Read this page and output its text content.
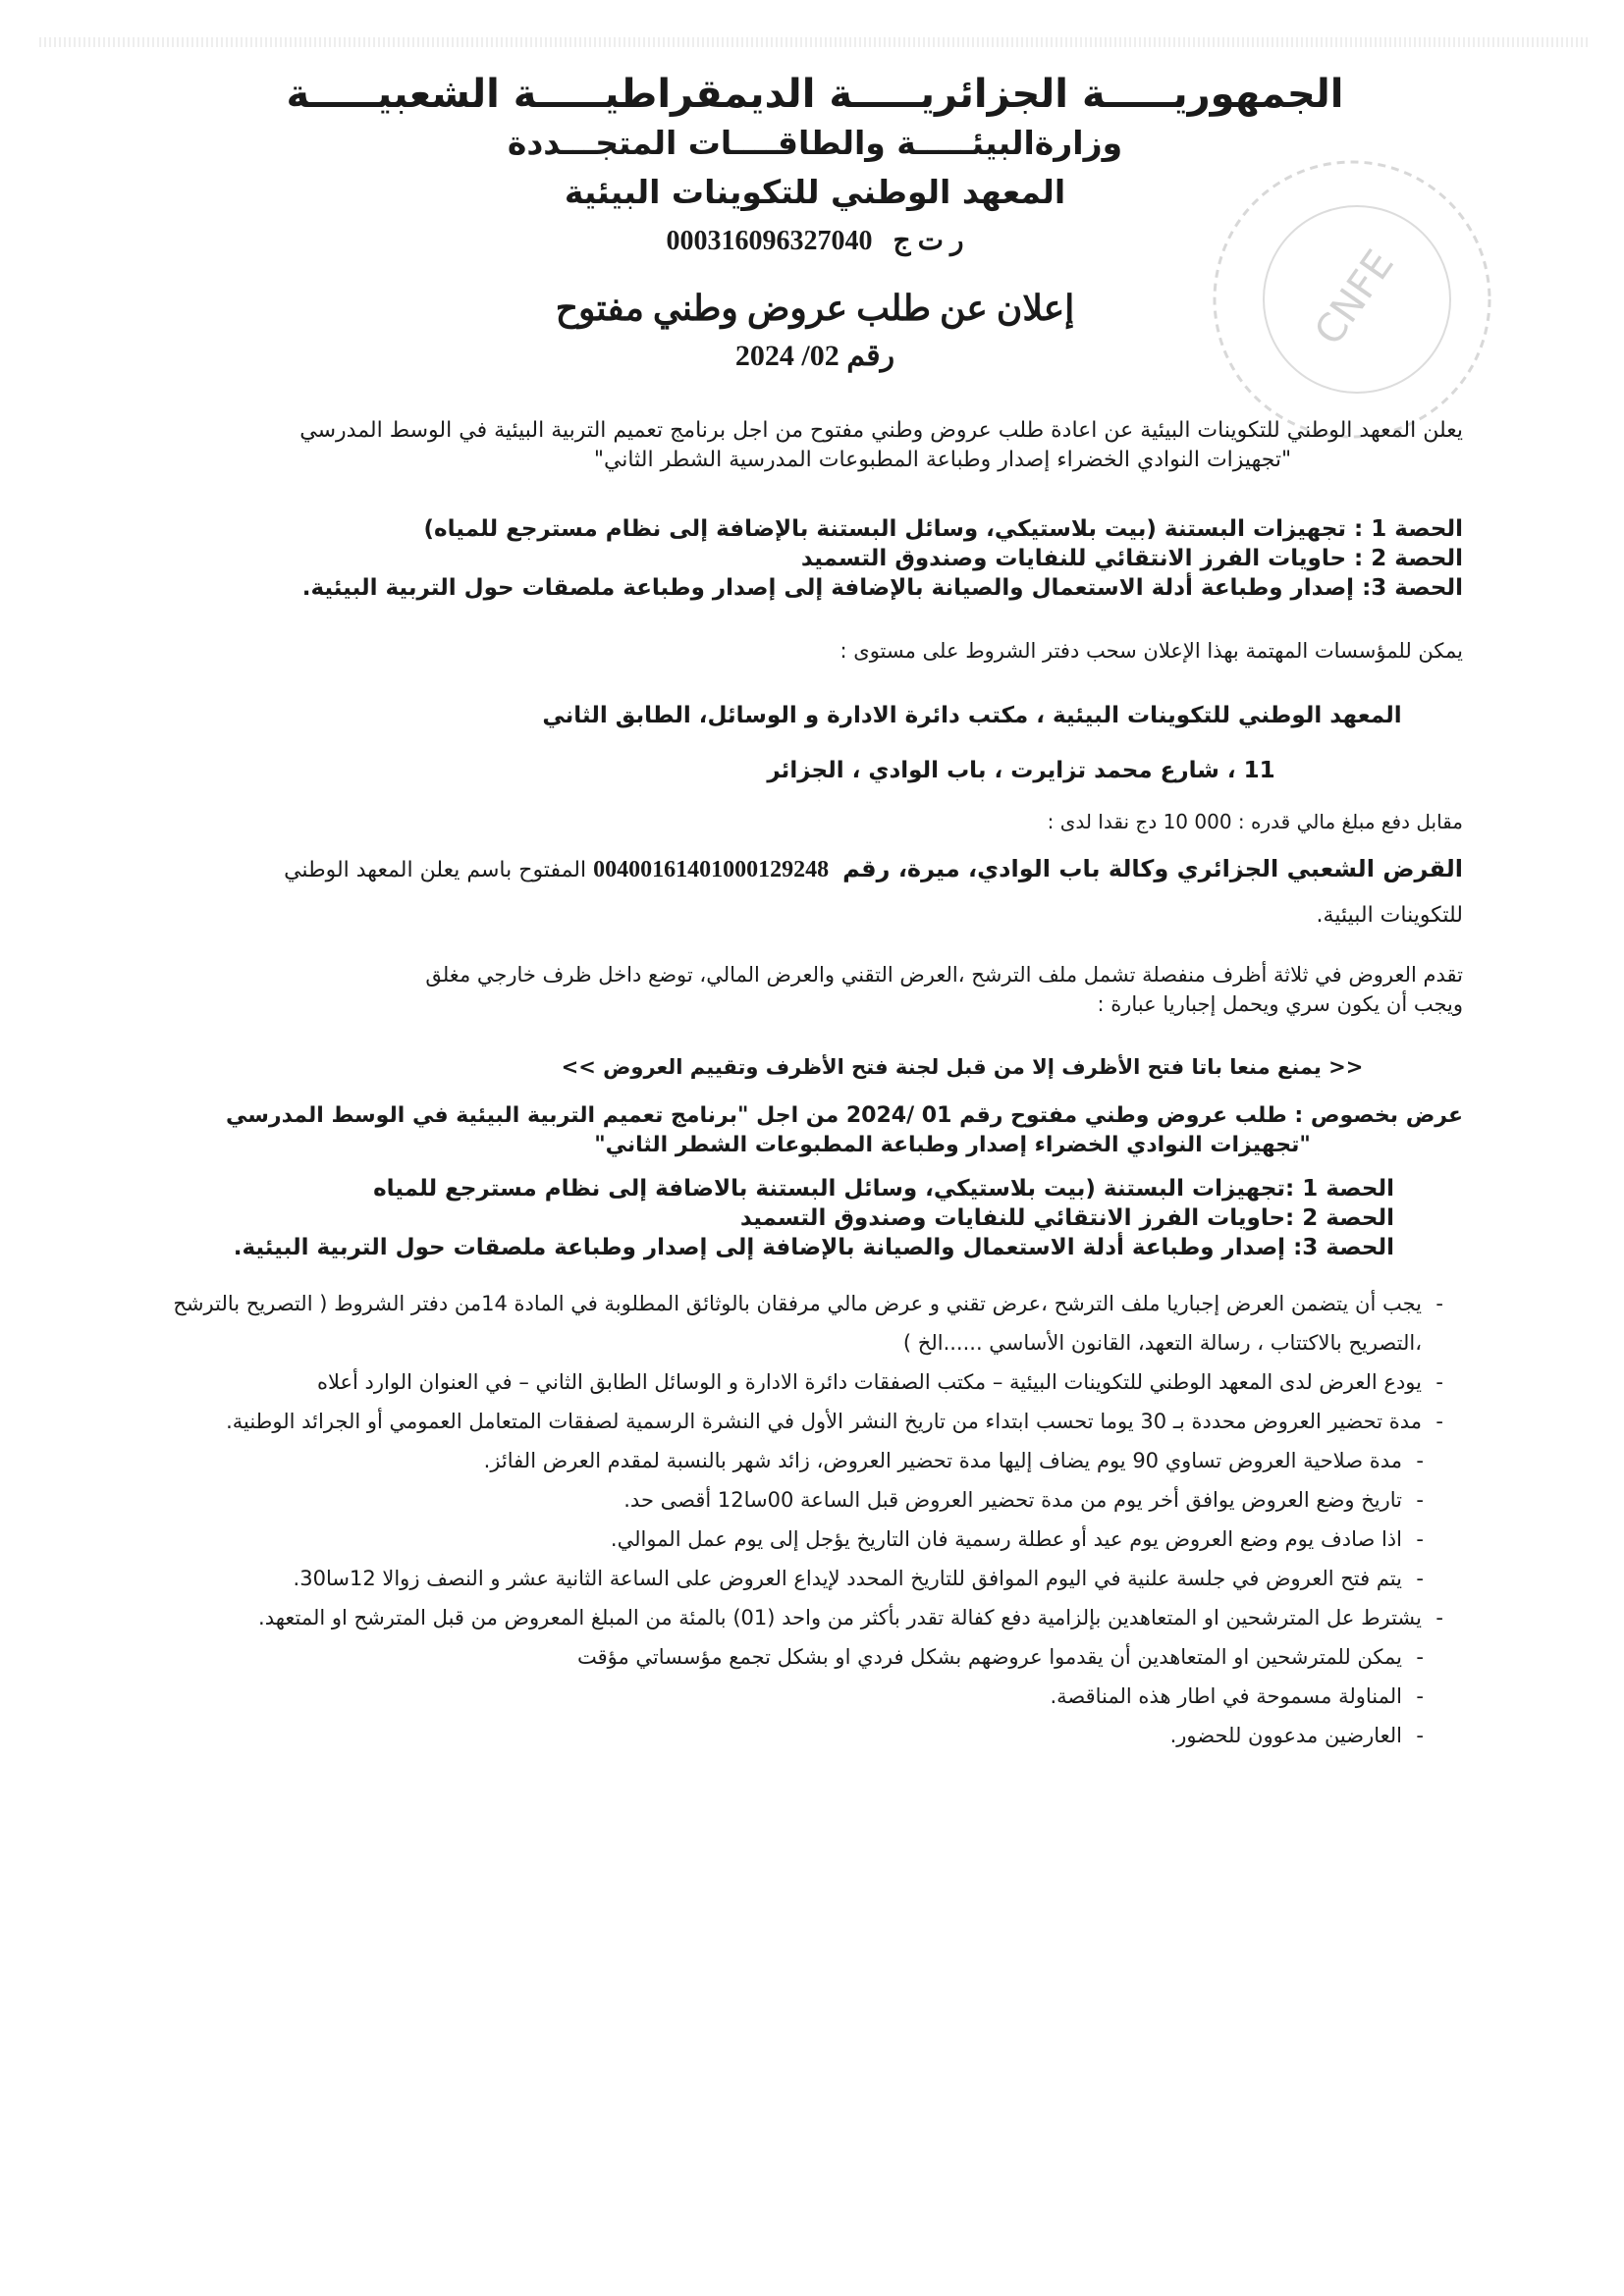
CNFE

الجمهوريـــــة الجزائريـــــة الديمقراطيـــــة الشعبيـــــة

وزارةالبيئـــــة والطاقــــات المتجـــددة

المعهد الوطني للتكوينات البيئية

ر ت ج   000316096327040

إعلان عن طلب عروض وطني مفتوح

رقم 02/ 2024

يعلن المعهد الوطني للتكوينات البيئية عن اعادة طلب عروض وطني مفتوح من اجل برنامج تعميم التربية البيئية في الوسط المدرسي

"تجهيزات النوادي الخضراء إصدار وطباعة المطبوعات المدرسية الشطر الثاني"

الحصة 1 : تجهيزات البستنة (بيت بلاستيكي، وسائل البستنة بالإضافة إلى نظام مسترجع للمياه)

الحصة 2 : حاويات الفرز الانتقائي للنفايات وصندوق التسميد

الحصة 3: إصدار وطباعة أدلة الاستعمال والصيانة بالإضافة إلى إصدار وطباعة ملصقات حول التربية البيئية.

يمكن للمؤسسات المهتمة بهذا الإعلان سحب دفتر الشروط على مستوى :

المعهد الوطني للتكوينات البيئية ، مكتب دائرة الادارة و الوسائل، الطابق الثاني

11 ، شارع محمد تزايرت ، باب الوادي ، الجزائر

مقابل دفع مبلغ مالي قدره : 000 10 دج نقدا لدى :

القرض الشعبي الجزائري وكالة باب الوادي، ميرة، رقم  00400161401000129248 المفتوح باسم يعلن المعهد الوطني

للتكوينات البيئية.

تقدم العروض في ثلاثة أظرف منفصلة تشمل ملف الترشح ،العرض التقني والعرض المالي، توضع داخل ظرف خارجي مغلق

ويجب أن يكون سري ويحمل إجباريا عبارة :

<< يمنع منعا باتا فتح الأظرف إلا من قبل لجنة فتح الأظرف وتقييم العروض >>

عرض بخصوص : طلب عروض وطني مفتوح رقم 01 /2024 من اجل "برنامج تعميم التربية البيئية في الوسط المدرسي

"تجهيزات النوادي الخضراء إصدار وطباعة المطبوعات الشطر الثاني"

الحصة 1 :تجهيزات البستنة (بيت بلاستيكي، وسائل البستنة بالاضافة إلى نظام مسترجع للمياه

الحصة 2 :حاويات الفرز الانتقائي للنفايات وصندوق التسميد

الحصة 3: إصدار وطباعة أدلة الاستعمال والصيانة بالإضافة إلى إصدار وطباعة ملصقات حول التربية البيئية.

-
يجب أن يتضمن العرض إجباريا ملف الترشح ،عرض تقني و عرض مالي مرفقان بالوثائق المطلوبة في المادة 14من دفتر الشروط ( التصريح بالترشح ،التصريح بالاكتتاب ، رسالة التعهد، القانون الأساسي ......الخ )
-
يودع العرض لدى المعهد الوطني للتكوينات البيئية – مكتب الصفقات دائرة الادارة و الوسائل الطابق الثاني – في العنوان الوارد أعلاه
-
مدة تحضير العروض محددة بـ 30 يوما تحسب ابتداء من تاريخ النشر الأول في النشرة الرسمية لصفقات المتعامل العمومي أو الجرائد الوطنية.
-
مدة صلاحية العروض تساوي 90 يوم يضاف إليها مدة تحضير العروض، زائد شهر بالنسبة لمقدم العرض الفائز.
-
تاريخ وضع العروض يوافق أخر يوم من مدة تحضير العروض قبل الساعة 00سا12 أقصى حد.
-
اذا صادف يوم وضع العروض يوم عيد أو عطلة رسمية فان التاريخ يؤجل إلى يوم عمل الموالي.
-
يتم فتح العروض في جلسة علنية في اليوم الموافق للتاريخ المحدد لإيداع العروض على الساعة الثانية عشر و النصف زوالا 12سا30.
-
يشترط عل المترشحين او المتعاهدين بإلزامية دفع كفالة تقدر بأكثر من واحد (01) بالمئة من المبلغ المعروض من قبل المترشح او المتعهد.
-
يمكن للمترشحين او المتعاهدين أن يقدموا عروضهم بشكل فردي او بشكل تجمع مؤسساتي مؤقت
-
المناولة مسموحة في اطار هذه المناقصة.
-
العارضين مدعوون للحضور.
